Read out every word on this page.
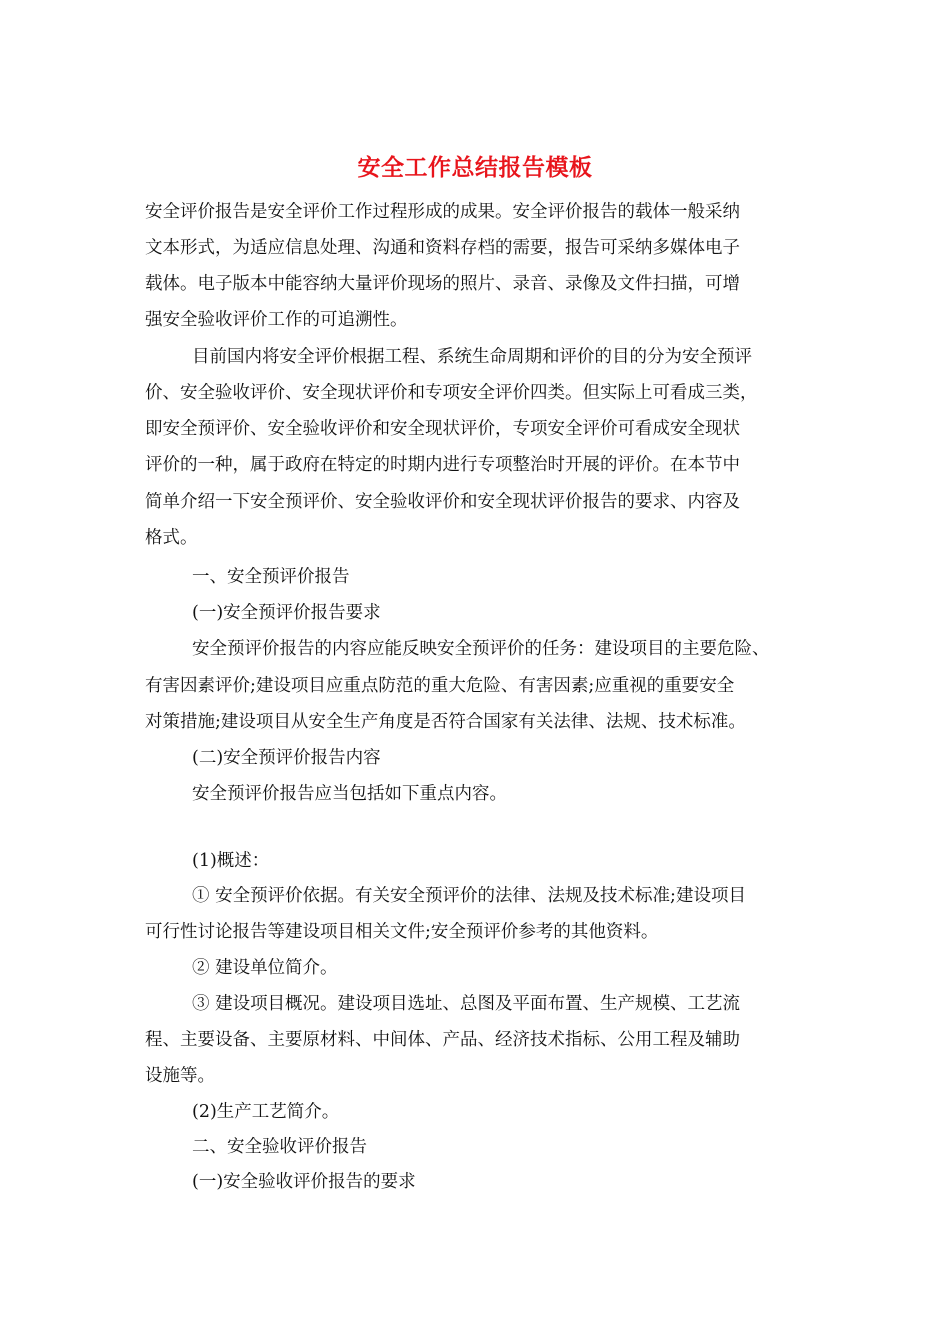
安全工作总结报告模板

安全评价报告是安全评价工作过程形成的成果。安全评价报告的载体一般采纳

文本形式，为适应信息处理、沟通和资料存档的需要，报告可采纳多媒体电子

载体。电子版本中能容纳大量评价现场的照片、录音、录像及文件扫描，可增

强安全验收评价工作的可追溯性。

目前国内将安全评价根据工程、系统生命周期和评价的目的分为安全预评

价、安全验收评价、安全现状评价和专项安全评价四类。但实际上可看成三类，

即安全预评价、安全验收评价和安全现状评价，专项安全评价可看成安全现状

评价的一种，属于政府在特定的时期内进行专项整治时开展的评价。在本节中

简单介绍一下安全预评价、安全验收评价和安全现状评价报告的要求、内容及

格式。

一、安全预评价报告

(一)安全预评价报告要求

安全预评价报告的内容应能反映安全预评价的任务：建设项目的主要危险、

有害因素评价;建设项目应重点防范的重大危险、有害因素;应重视的重要安全

对策措施;建设项目从安全生产角度是否符合国家有关法律、法规、技术标准。

(二)安全预评价报告内容

安全预评价报告应当包括如下重点内容。

(1)概述：

① 安全预评价依据。有关安全预评价的法律、法规及技术标准;建设项目

可行性讨论报告等建设项目相关文件;安全预评价参考的其他资料。

② 建设单位简介。

③ 建设项目概况。建设项目选址、总图及平面布置、生产规模、工艺流

程、主要设备、主要原材料、中间体、产品、经济技术指标、公用工程及辅助

设施等。

(2)生产工艺简介。

二、安全验收评价报告

(一)安全验收评价报告的要求
